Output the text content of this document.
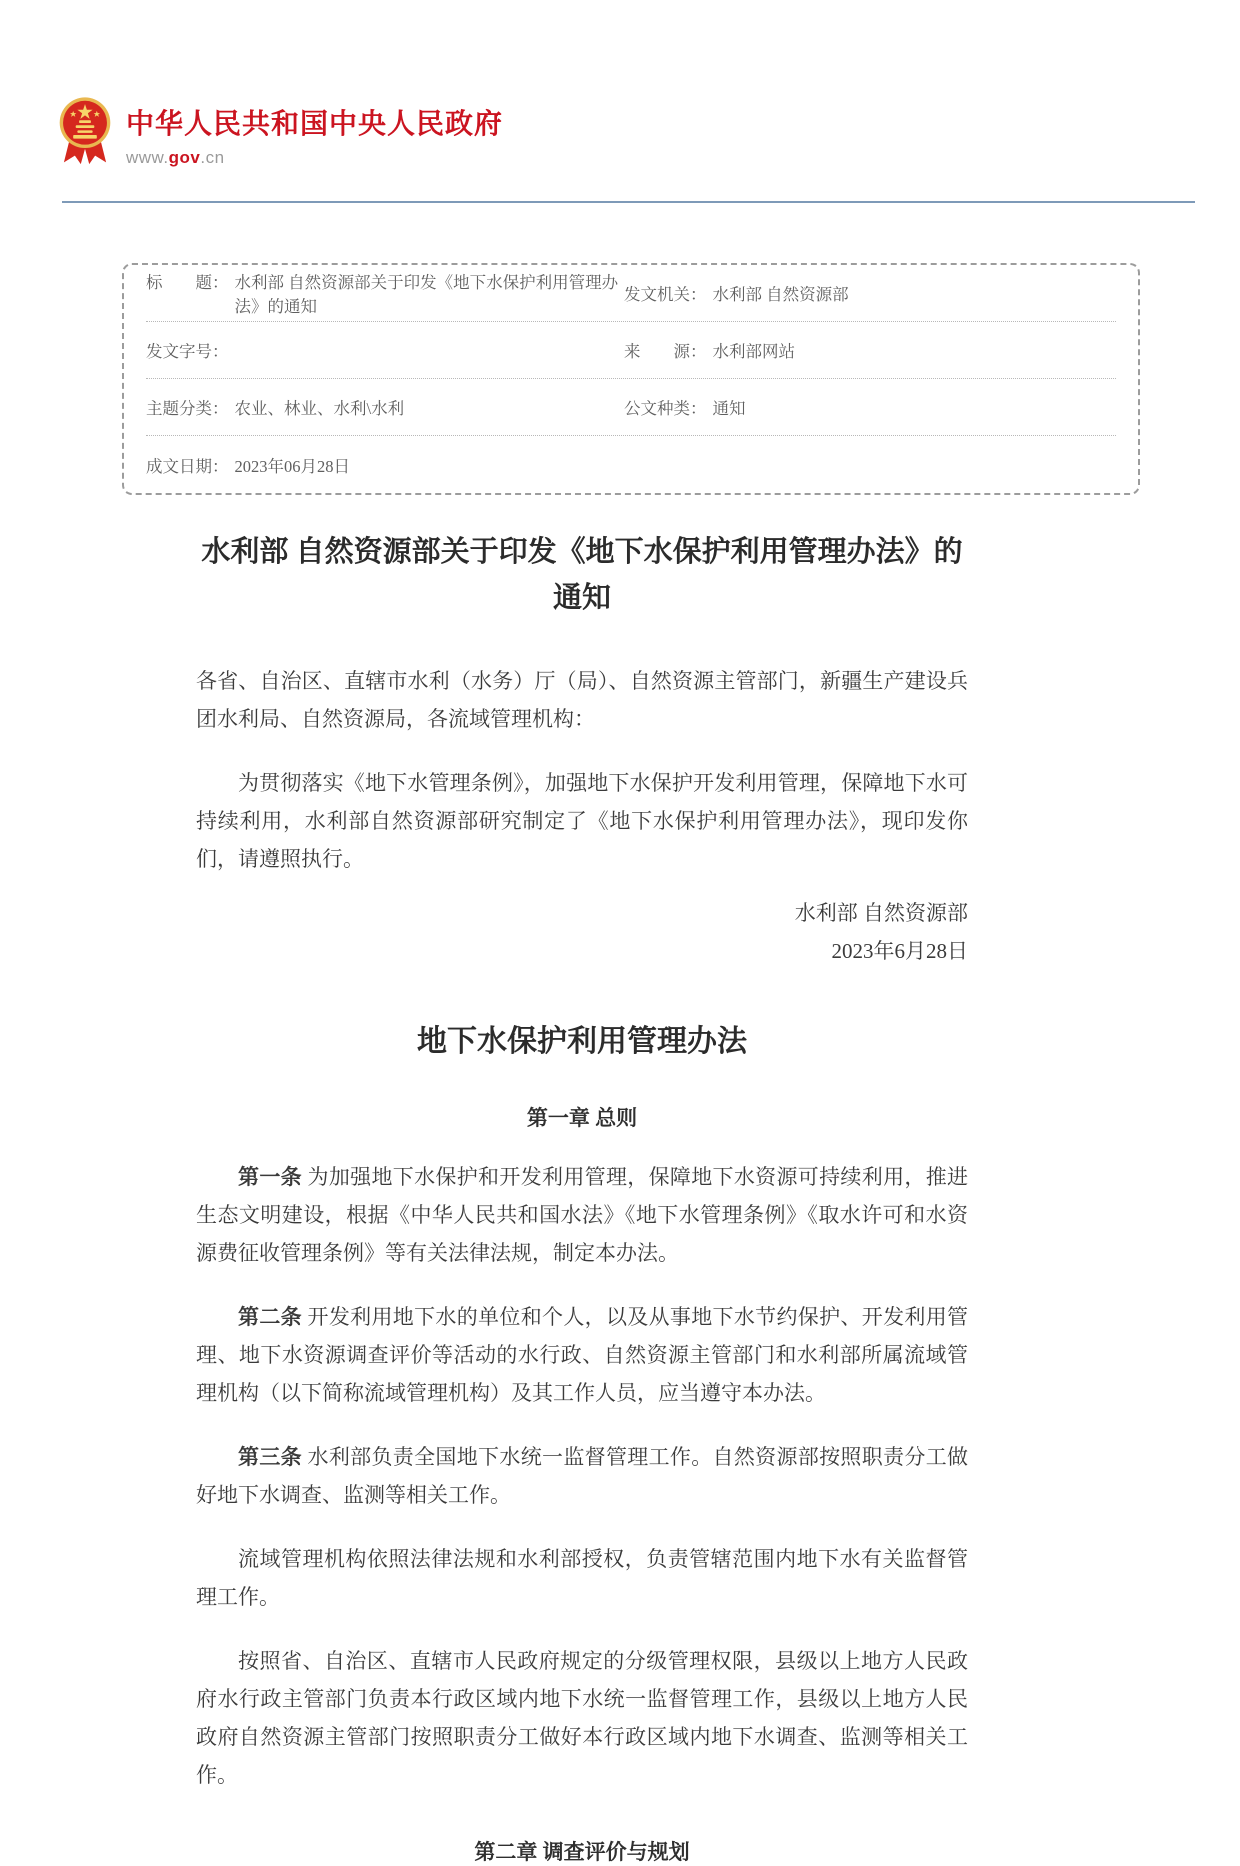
中华人民共和国中央人民政府
www.gov.cn
标　　题： 水利部 自然资源部关于印发《地下水保护利用管理办法》的通知
发文机关： 水利部 自然资源部
发文字号：	来　　源： 水利部网站
主题分类： 农业、林业、水利\水利	公文种类： 通知
成文日期： 2023年06月28日
水利部 自然资源部关于印发《地下水保护利用管理办法》的通知

各省、自治区、直辖市水利（水务）厅（局）、自然资源主管部门，新疆生产建设兵团水利局、自然资源局，各流域管理机构：

为贯彻落实《地下水管理条例》，加强地下水保护开发利用管理，保障地下水可持续利用，水利部自然资源部研究制定了《地下水保护利用管理办法》，现印发你们，请遵照执行。

水利部 自然资源部
2023年6月28日
地下水保护利用管理办法
第一章 总则

第一条 为加强地下水保护和开发利用管理，保障地下水资源可持续利用，推进生态文明建设，根据《中华人民共和国水法》《地下水管理条例》《取水许可和水资源费征收管理条例》等有关法律法规，制定本办法。

第二条 开发利用地下水的单位和个人，以及从事地下水节约保护、开发利用管理、地下水资源调查评价等活动的水行政、自然资源主管部门和水利部所属流域管理机构（以下简称流域管理机构）及其工作人员，应当遵守本办法。

第三条 水利部负责全国地下水统一监督管理工作。自然资源部按照职责分工做好地下水调查、监测等相关工作。

流域管理机构依照法律法规和水利部授权，负责管辖范围内地下水有关监督管理工作。

按照省、自治区、直辖市人民政府规定的分级管理权限，县级以上地方人民政府水行政主管部门负责本行政区域内地下水统一监督管理工作，县级以上地方人民政府自然资源主管部门按照职责分工做好本行政区域内地下水调查、监测等相关工作。

第二章 调查评价与规划
